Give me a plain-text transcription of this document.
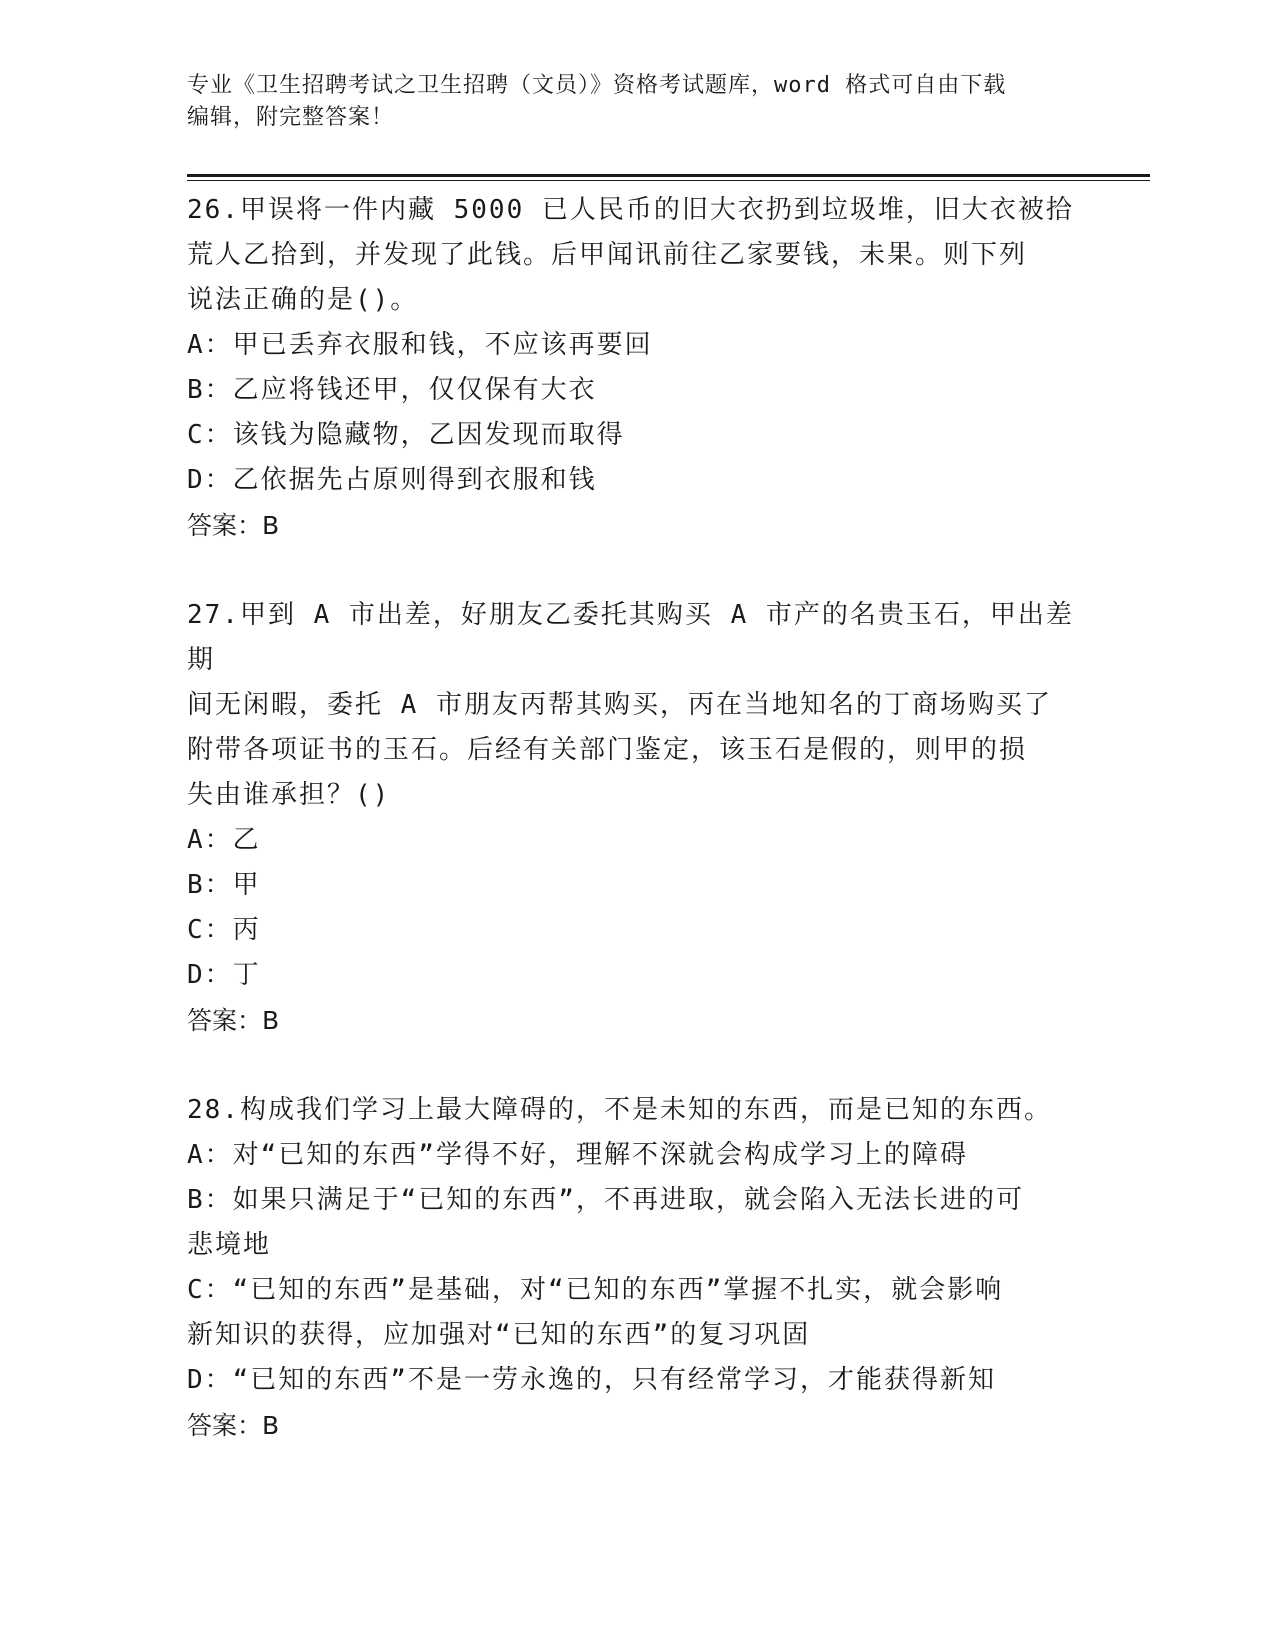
专业《卫生招聘考试之卫生招聘（文员）》资格考试题库，word 格式可自由下载
编辑，附完整答案！
26.甲误将一件内藏 5000 已人民币的旧大衣扔到垃圾堆，旧大衣被拾
荒人乙拾到，并发现了此钱。后甲闻讯前往乙家要钱，未果。则下列
说法正确的是()。
A：甲已丢弃衣服和钱，不应该再要回
B：乙应将钱还甲，仅仅保有大衣
C：该钱为隐藏物，乙因发现而取得
D：乙依据先占原则得到衣服和钱
答案：B
27.甲到 A 市出差，好朋友乙委托其购买 A 市产的名贵玉石，甲出差期
间无闲暇，委托 A 市朋友丙帮其购买，丙在当地知名的丁商场购买了
附带各项证书的玉石。后经有关部门鉴定，该玉石是假的，则甲的损
失由谁承担？()
A：乙
B：甲
C：丙
D：丁
答案：B
28.构成我们学习上最大障碍的，不是未知的东西，而是已知的东西。
A：对“已知的东西”学得不好，理解不深就会构成学习上的障碍
B：如果只满足于“已知的东西”，不再进取，就会陷入无法长进的可
悲境地
C：“已知的东西”是基础，对“已知的东西”掌握不扎实，就会影响
新知识的获得，应加强对“已知的东西”的复习巩固
D：“已知的东西”不是一劳永逸的，只有经常学习，才能获得新知
答案：B
